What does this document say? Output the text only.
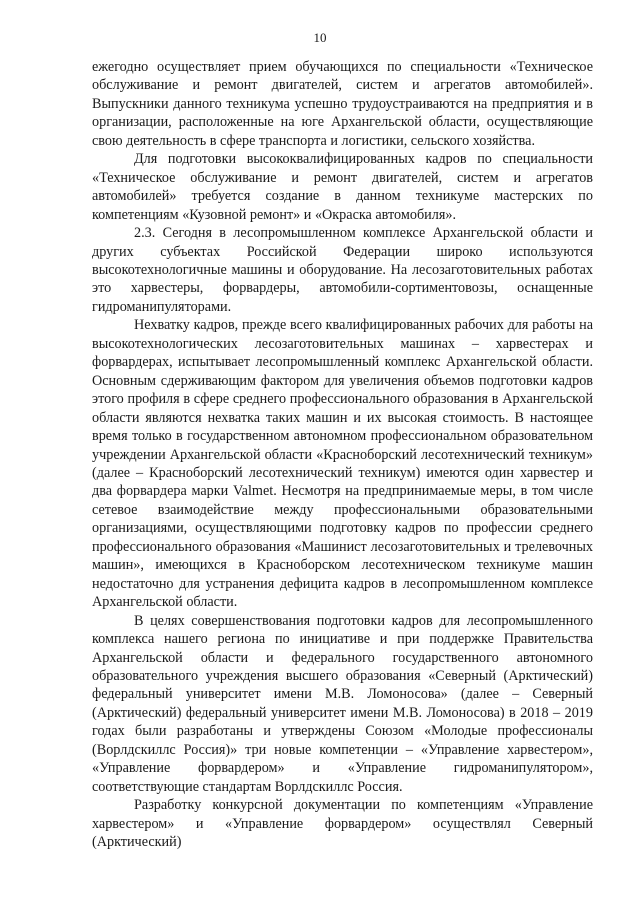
10

ежегодно осуществляет прием обучающихся по специальности «Техническое обслуживание и ремонт двигателей, систем и агрегатов автомобилей». Выпускники данного техникума успешно трудоустраиваются на предприятия и в организации, расположенные на юге Архангельской области, осуществляющие свою деятельность в сфере транспорта и логистики, сельского хозяйства.

Для подготовки высококвалифицированных кадров по специальности «Техническое обслуживание и ремонт двигателей, систем и агрегатов автомобилей» требуется создание в данном техникуме мастерских по компетенциям «Кузовной ремонт» и «Окраска автомобиля».

2.3. Сегодня в лесопромышленном комплексе Архангельской области и других субъектах Российской Федерации широко используются высокотехнологичные машины и оборудование. На лесозаготовительных работах это харвестеры, форвардеры, автомобили-сортиментовозы, оснащенные гидроманипуляторами.

Нехватку кадров, прежде всего квалифицированных рабочих для работы на высокотехнологических лесозаготовительных машинах – харвестерах и форвардерах, испытывает лесопромышленный комплекс Архангельской области. Основным сдерживающим фактором для увеличения объемов подготовки кадров этого профиля в сфере среднего профессионального образования в Архангельской области являются нехватка таких машин и их высокая стоимость. В настоящее время только в государственном автономном профессиональном образовательном учреждении Архангельской области «Красноборский лесотехнический техникум» (далее – Красноборский лесотехнический техникум) имеются один харвестер и два форвардера марки Valmet. Несмотря на предпринимаемые меры, в том числе сетевое взаимодействие между профессиональными образовательными организациями, осуществляющими подготовку кадров по профессии среднего профессионального образования «Машинист лесозаготовительных и трелевочных машин», имеющихся в Красноборском лесотехническом техникуме машин недостаточно для устранения дефицита кадров в лесопромышленном комплексе Архангельской области.

В целях совершенствования подготовки кадров для лесопромышленного комплекса нашего региона по инициативе и при поддержке Правительства Архангельской области и федерального государственного автономного образовательного учреждения высшего образования «Северный (Арктический) федеральный университет имени М.В. Ломоносова» (далее – Северный (Арктический) федеральный университет имени М.В. Ломоносова) в 2018 – 2019 годах были разработаны и утверждены Союзом «Молодые профессионалы (Ворлдскиллс Россия)» три новые компетенции – «Управление харвестером», «Управление форвардером» и «Управление гидроманипулятором», соответствующие стандартам Ворлдскиллс Россия.

Разработку конкурсной документации по компетенциям «Управление харвестером» и «Управление форвардером» осуществлял Северный (Арктический)
